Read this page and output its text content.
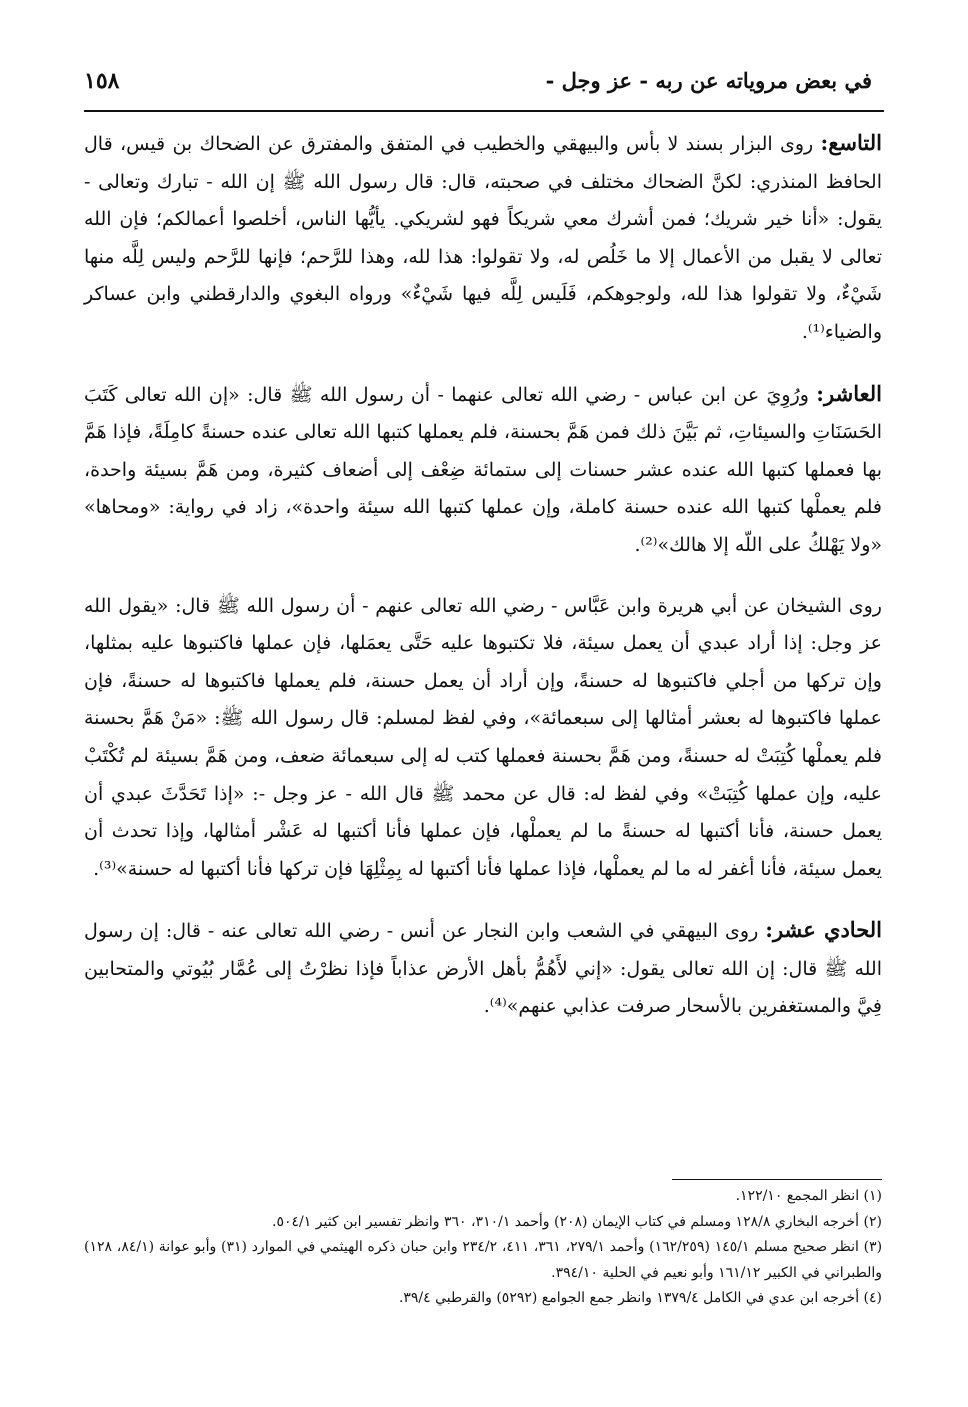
في بعض مروياته عن ربه - عز وجل -
١٥٨

التاسع: روى البزار بسند لا بأس والبيهقي والخطيب في المتفق والمفترق عن الضحاك بن قيس، قال الحافظ المنذري: لكنَّ الضحاك مختلف في صحبته، قال: قال رسول الله ﷺ إن الله - تبارك وتعالى - يقول: «أنا خير شريك؛ فمن أشرك معي شريكاً فهو لشريكي. يأيُّها الناس، أخلصوا أعمالكم؛ فإن الله تعالى لا يقبل من الأعمال إلا ما خَلُص له، ولا تقولوا: هذا لله، وهذا للرَّحم؛ فإنها للرَّحم وليس لِلَّه منها شَيْءٌ، ولا تقولوا هذا لله، ولوجوهكم، فَلَيس لِلَّه فيها شَيْءٌ» ورواه البغوي والدارقطني وابن عساكر والضياء⁽¹⁾.

العاشر: ورُوِيَ عن ابن عباس - رضي الله تعالى عنهما - أن رسول الله ﷺ قال: «إن الله تعالى كَتَبَ الحَسَنَاتِ والسيئاتِ، ثم بَيَّنَ ذلك فمن هَمَّ بحسنة، فلم يعملها كتبها الله تعالى عنده حسنةً كامِلَةً، فإذا هَمَّ بها فعملها كتبها الله عنده عشر حسنات إلى ستمائة ضِعْف إلى أضعاف كثيرة، ومن هَمَّ بسيئة واحدة، فلم يعملْها كتبها الله عنده حسنة كاملة، وإن عملها كتبها الله سيئة واحدة»، زاد في رواية: «ومحاها» «ولا يَهْلكُ على اللّه إلا هالك»⁽²⁾.

روى الشيخان عن أبي هريرة وابن عَبَّاس - رضي الله تعالى عنهم - أن رسول الله ﷺ قال: «يقول الله عز وجل: إذا أراد عبدي أن يعمل سيئة، فلا تكتبوها عليه حَتَّى يعمَلها، فإن عملها فاكتبوها عليه بمثلها، وإن تركها من أجلي فاكتبوها له حسنةً، وإن أراد أن يعمل حسنة، فلم يعملها فاكتبوها له حسنةً، فإن عملها فاكتبوها له بعشر أمثالها إلى سبعمائة»، وفي لفظ لمسلم: قال رسول الله ﷺ: «مَنْ هَمَّ بحسنة فلم يعملْها كُتِبَتْ له حسنةً، ومن هَمَّ بحسنة فعملها كتب له إلى سبعمائة ضعف، ومن هَمَّ بسيئة لم تُكْتَبْ عليه، وإن عملها كُتِبَتْ» وفي لفظ له: قال عن محمد ﷺ قال الله - عز وجل -: «إذا تَحَدَّثَ عبدي أن يعمل حسنة، فأنا أكتبها له حسنةً ما لم يعملْها، فإن عملها فأنا أكتبها له عَشْر أمثالها، وإذا تحدث أن يعمل سيئة، فأنا أغفر له ما لم يعملْها، فإذا عملها فأنا أكتبها له بِمِثْلِهَا فإن تركها فأنا أكتبها له حسنة»⁽³⁾.

الحادي عشر: روى البيهقي في الشعب وابن النجار عن أنس - رضي الله تعالى عنه - قال: إن رسول الله ﷺ قال: إن الله تعالى يقول: «إني لأَهُمُّ بأهل الأرض عذاباً فإذا نظرْتُ إلى عُمَّار بُيُوتي والمتحابين فِيَّ والمستغفرين بالأسحار صرفت عذابي عنهم»⁽⁴⁾.

(١) انظر المجمع ١٢٢/١٠.

(٢) أخرجه البخاري ١٢٨/٨ ومسلم في كتاب الإيمان (٢٠٨) وأحمد ٣١٠/١، ٣٦٠ وانظر تفسير ابن كثير ٥٠٤/١.

(٣) انظر صحيح مسلم ١٤٥/١ (١٦٢/٢٥٩) وأحمد ٢٧٩/١، ٣٦١، ٤١١، ٢٣٤/٢ وابن حبان ذكره الهيثمي في الموارد (٣١) وأبو عوانة (٨٤/١، ١٢٨) والطبراني في الكبير ١٦١/١٢ وأبو نعيم في الحلية ٣٩٤/١٠.

(٤) أخرجه ابن عدي في الكامل ١٣٧٩/٤ وانظر جمع الجوامع (٥٢٩٢) والقرطبي ٣٩/٤.
